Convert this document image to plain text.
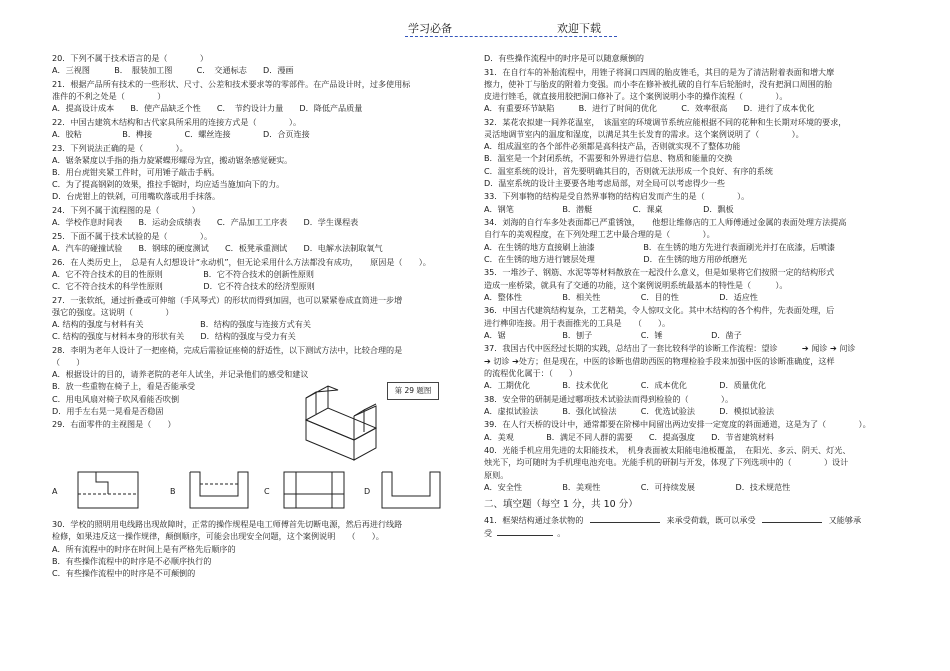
学习必备	欢迎下载
20．下列不属于技术语言的是（　　　　）
A．三视图　　　B．　服装加工图　　　C．　交通标志　　D．漫画
21．根据产品所有技术的一些形状、尺寸、公差和技术要求等的零部件。在产品设计时，过多使用标
准件的不利之处是（　　　　）
A．提高设计成本　　B．使产品缺乏个性　　C．　节约设计力量　　D．降低产品质量
22．中国古建筑木结构和古代家具所采用的连接方式是（　　　　）。
A．胶粘　　　　　B．榫接　　　　C．螺丝连接　　　　D．合页连接
23．下列说法正确的是（　　　　）。
A．锯条紧度以手指的指力旋紧蝶形螺母为宜，搬动锯条感觉硬实。
B．用台虎钳夹紧工件时，可用锤子敲击手柄。
C．为了提高钢剁的效果，推拉手锯时，均应适当施加向下的力。
D．台虎钳上的铁剁，可用嘴吹落或用手抹落。
24．下列不属于流程图的是（　　　　）
A．学校作息时间表　　B．运动会成绩表　　C．产品加工工序表　　D．学生课程表
25．下面不属于技术试验的是（　　　　）。
A．汽车的碰撞试验　　B．钢球的硬度测试　　C．板凳承重测试　　D．电解水法制取氧气
26．在人类历史上，　总是有人幻想设计“永动机”，但无论采用什么方法都没有成功，　　原因是（　　）。
A．它不符合技术的目的性原则　　　　　B．它不符合技术的创新性原则
C．它不符合技术的科学性原则　　　　　D．它不符合技术的经济型原则
27．一张软纸，通过折叠或可伸缩（手风琴式）的形状而得到加固，也可以紧紧卷成直筒进一步增
强它的强度。这说明（　　　　）
A. 结构的强度与材料有关　　　　　　　B．结构的强度与连接方式有关
C. 结构的强度与材料本身的形状有关　　D．结构的强度与受力有关
28．李明为老年人设计了一把座椅，完成后需验证座椅的舒适性，以下测试方法中，比较合理的是
（　　）
A．根据设计的目的，请养老院的老年人试坐，并记录他们的感受和建议
B．放一些重物在椅子上，看是否能承受
C．用电风扇对椅子吹风看能否吹倒
D．用手左右晃一晃看是否稳固
29．右面零件的主视图是（　　）
第 29 题图
A	B	C	D
30．学校的照明用电线路出现故障时，正常的操作规程是电工师傅首先切断电源，然后再进行线路
检修，如果违反这一操作规律，颠倒顺序，可能会出现安全问题，这个案例说明　　（　　）。
A．所有流程中的时序在时间上是有严格先后顺序的
B．有些操作流程中的时序是不必顺序执行的
C．有些操作流程中的时序是不可颠倒的
D．有些操作流程中的时序是可以随意颠倒的
31．在自行车的补胎流程中，用锉子将洞口四周的胎皮锉毛，其目的是为了清洁附着表面和增大摩
擦力，使补丁与胎皮的附着力变强。而小李在修补被扎破的自行车后轮胎时，没有把洞口周围的胎
皮进行锉毛，就直接用胶把洞口修补了。这个案例说明小李的操作流程（　　　　）。
A．有重要环节缺陷　　　B．进行了时间的优化　　　C．效率很高　　D．进行了成本优化
32．某花农拟建一间养花温室，　该温室的环境调节系统应能根据不同的花种和生长期对环境的要求，
灵活地调节室内的温度和湿度，以满足其生长发育的需求。这个案例说明了（　　　　）。
A．组成温室的各个部件必须都是高科技产品，否则就实现不了整体功能
B．温室是一个封闭系统，不需要和外界进行信息、物质和能量的交换
C．温室系统的设计，首先要明确其目的，否则就无法形成一个良好、有序的系统
D．温室系统的设计主要要各地考虑局部，对全局可以考虑得少一些
33．下列事物的结构是受自然界事物的结构启发而产生的是（　　　　）。
A．钢笔　　　　　　B．潜艇　　　　　C．课桌　　　　　D．飘板
34．刘海的自行车多处表面都已严重锈蚀，　　他想让维修店的工人师傅通过金属的表面处理方法提高
自行车的美观程度，在下列处理工艺中最合理的是（　　　　）。
A．在生锈的地方直接刷上油漆　　　　　　B．在生锈的地方先进行表面刷光并打在底漆，后喷漆
C．在生锈的地方进行镀层处理　　　　　　D．在生锈的地方用砂纸磨光
35．一堆沙子、钢筋、水泥等等材料散放在一起没什么意义，但是如果将它们按照一定的结构形式
造成一座桥梁，就具有了交通的功能，这个案例说明系统最基本的特性是（　　　）。
A．整体性　　　　　B．相关性　　　　　C．目的性　　　　　D．适应性
36．中国古代建筑结构复杂，工艺精美，令人惊叹文化。其中木结构的各个构件，先表面处理，后
进行榫卯连接。用于表面推光的工具是　　（　　）。
A．锯　　　　　　　B．刨子　　　　　　C．锤　　　　　　D．凿子
37．我国古代中医经过长期的实践，总结出了一套比较科学的诊断工作流程：望诊　　　➔ 闻诊 ➔ 问诊
➔ 切诊 ➔处方；但是现在，中医的诊断也借助西医的物理检验手段来加强中医的诊断准确度，这样
的流程优化属于：（　　）
A．工期优化　　　　B．技术优化　　　　C．成本优化　　　　D．质量优化
38．安全带的研制是通过哪项技术试验法而得到检验的（　　　　）。
A．虚拟试验法　　　B．强化试验法　　　C．优选试验法　　　D．模拟试验法
39．在人行天桥的设计中，通常都要在阶梯中间留出两边安排一定宽度的斜面通道，这是为了（　　　　）。
A．美观　　　　B．满足不同人群的需要　　C．提高强度　　D．节省建筑材料
40．光能手机应用先进的太阳能技术，　机身表面被太阳能电池板覆盖，　在阳光、多云、阴天、灯光、
烛光下，均可随时为手机理电池充电。光能手机的研制与开发，体现了下列选项中的（　　　　）设计
原则。
A．安全性　　　　　B．美观性　　　　　C．可持续发展　　　　　D．技术规范性
二、填空题（每空 1 分，共 10 分）
41．框架结构通过条状物的	来承受荷载，既可以承受	又能够承
受	。
